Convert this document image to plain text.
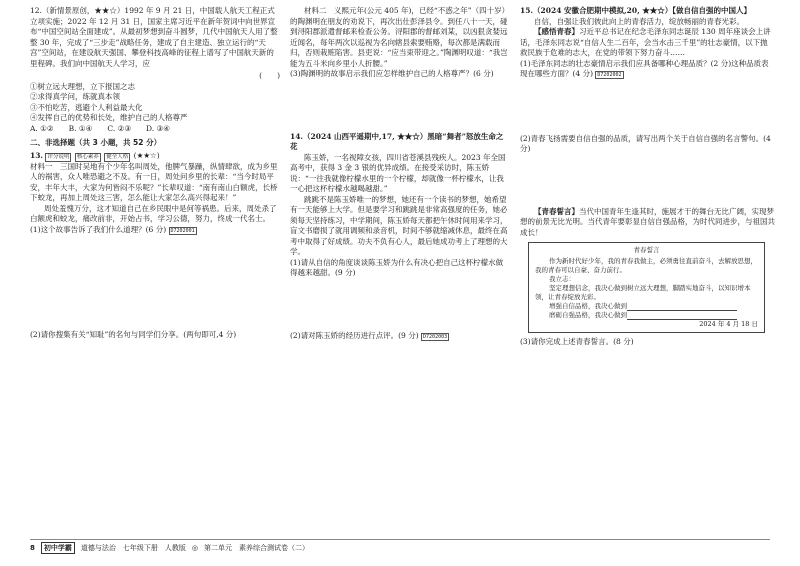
12.（新情景原创，★★☆）1992 年 9 月 21 日，中国载人航天工程正式立项实施；2022 年 12 月 31 日，国家主席习近平在新年贺词中向世界宣布“中国空间站全面建成”。从最初梦想到奋斗圆梦，几代中国航天人用了整整 30 年，完成了“三步走”战略任务，建成了自主建造、独立运行的“天宫”空间站，在建设航天强国、攀登科技高峰的征程上谱写了中国航天新的里程碑。我们向中国航天人学习，应

(　　)

①树立远大理想，立下报国之志

②求得真学问，练就真本领

③不怕吃苦，逃避个人利益最大化

④发挥自己的优势和长处，维护自己的人格尊严

A. ①②　　B. ①④　　C. ②③　　D. ③④

二、非选择题（共 3 小题，共 52 分）

13. 评分说明 核心素养 健全人格 (★★☆)

材料一　三国时吴地有个少年名叫周处，他脾气暴躁，纵情肆欲，成为乡里人的祸害，众人唯恐避之不及。有一日，周处问乡里的长辈：“当今时局平安，丰年大丰，大家为何皆闷不乐呢？”长辈叹道：“南有南山白额虎，长桥下蛟龙，再加上周处这三害，怎么能让大家怎么高兴得起来！”

周处羞愧万分，这才知道自己在乡民眼中是何等祸患。后来，周处杀了白额虎和蛟龙，痛改前非，开始占书，学习公德，努力，终成一代名士。

(1)这个故事告诉了我们什么道理？(6 分) D7202001

(2)请你搜集有关“知耻”的名句与同学们分享。(两句即可,4 分)

材料二　义熙元年(公元 405 年)，已经“不惑之年”（四十岁）的陶渊明在朋友的劝说下，再次出仕彭泽县令。到任八十一天，碰到浔阳郡派遣督邮来检查公务。浔阳郡的督邮刘某，以凶狠贪婪远近闻名，每年两次以巡视为名向辖县索要贿赂，每次都是满载而归，否则栽赃陷害。县吏说：“应当束带迎之。”陶渊明叹道：“我岂能为五斗米向乡里小人折腰。”

(3)陶渊明的故事启示我们应怎样维护自己的人格尊严？(6 分)

14.（2024 山西平遥期中,17, ★★☆）黑暗“舞者”怒放生命之花

陈玉娇，一名视障女孩，四川省苍溪县残疾人。2023 年全国高考中，获得 3 金 3 银的优异成绩。在接受采访时，陈玉娇说：“一往我就像柠檬水里的一个柠檬，却就像一杯柠檬水，让我一心把这杯柠檬水越喝越甜。”

跳跳不是陈玉娇唯一的梦想，她还有一个读书的梦想，她希望有一天能够上大学。但是要学习和跳跳是非常高强度的任务，她必须每天坚持练习，中学期间，陈玉娇每天都把午休时间用来学习，盲文书磨损了就用调频和录音机，时间不够就缩减休息，最终在高考中取得了好成绩。功夫不负有心人，最后她成功考上了理想的大学。

(1)请从自信的角度谈谈陈玉娇为什么有决心把自己这杯柠檬水做得越来越甜。(9 分)

(2)请对陈玉娇的经历进行点评。(9 分) D7202003

15.（2024 安徽合肥期中模拟,20, ★★☆）【做自信自强的中国人】

自信，自强让我们彼此向上的青春活力，绽放畅丽的青春光彩。

【感悟青春】习近平总书记在纪念毛泽东同志诞辰 130 周年座谈会上讲话，毛泽东同志说“自信人生二百年，会当水击三千里”的壮志豪情，以下抛救民族于危难的志大，在党的带领下努力奋斗……

(1)毛泽东同志的壮志豪情启示我们应具备哪种心理品质？(2 分)这种品质表现在哪些方面？(4 分) D7202002

(2)青春飞扬需要自信自强的品质，请写出两个关于自信自强的名言警句。(4 分)

【青春誓言】当代中国青年生逢其时，施展才干的舞台无比广阔，实现梦想的前景无比光明。当代青年要彰显自信自强品格，为时代同进步，与祖国共成长！

青春誓言

作为新时代好少年，我的青春我做主，必须勇往直前奋斗，去解放思想，我的青春可以自豪、奋力前行。

我立志：

坚定理想信念，我决心做到树立远大理想，脚踏实地奋斗，以知识增本领，让青春绽放光彩。

增强自信品格，我决心做到

磨砺自强品格，我决心做到

2024 年 4 月 18 日

(3)请你完成上述青春誓言。(8 分)

8	初中学霸	道德与法治　七年级下册　人教版 ◎ 第二单元　素养综合测试卷（二）
